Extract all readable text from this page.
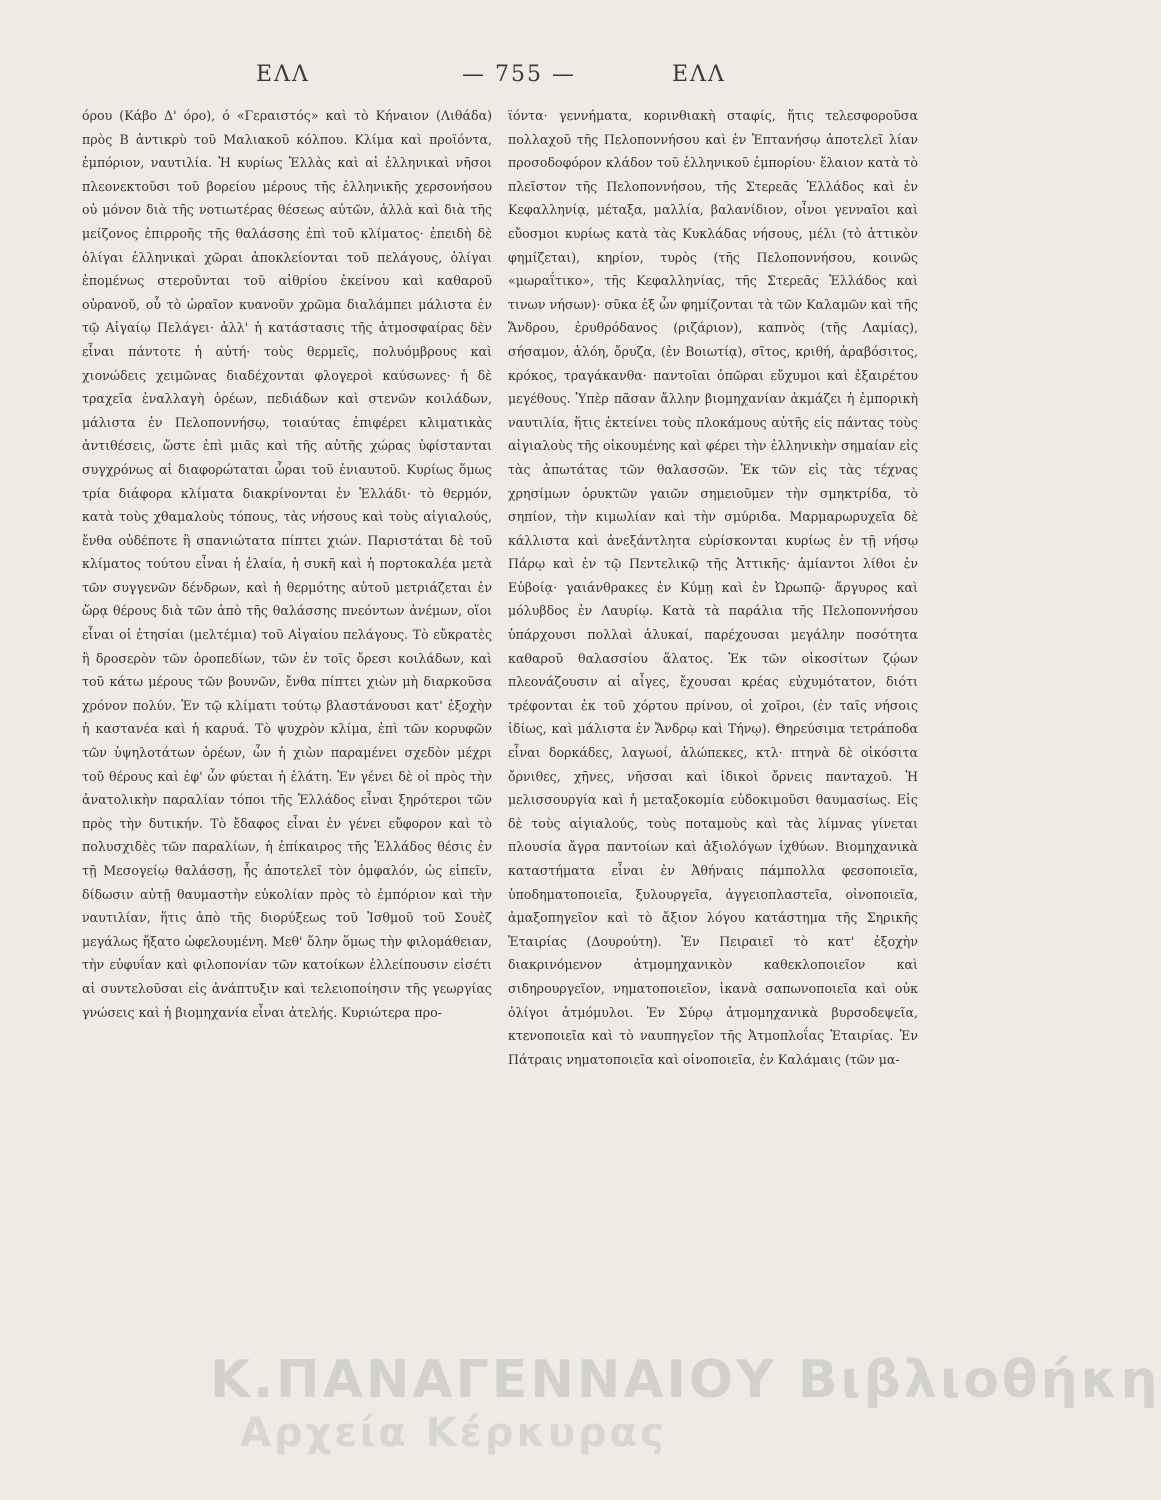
ΕΛΛ	— 755 —	ΕΛΛ

όρου (Κάβο Δ' όρο), ό «Γεραιστός» καὶ τὸ Κήναιον (Λιθάδα) πρὸς Β ἀντικρὺ τοῦ Μαλιακοῦ κόλπου. Κλίμα καὶ προϊόντα, ἐμπόριον, ναυτιλία. Ἡ κυρίως Ἑλλὰς καὶ αἱ ἑλληνικαὶ νῆσοι πλεονεκτοῦσι τοῦ βορείου μέρους τῆς ἑλληνικῆς χερσονήσου οὐ μόνον διὰ τῆς νοτιωτέρας θέσεως αὐτῶν, ἀλλὰ καὶ διὰ τῆς μείζονος ἐπιρροῆς τῆς θαλάσσης ἐπὶ τοῦ κλίματος· ἐπειδὴ δὲ ὀλίγαι ἑλληνικαὶ χῶραι ἀποκλείονται τοῦ πελάγους, ὀλίγαι ἐπομένως στεροῦνται τοῦ αἰθρίου ἐκείνου καὶ καθαροῦ οὐρανοῦ, οὗ τὸ ὡραῖον κυανοῦν χρῶμα διαλάμπει μάλιστα ἐν τῷ Αἰγαίῳ Πελάγει· ἀλλ' ἡ κατάστασις τῆς ἀτμοσφαίρας δὲν εἶναι πάντοτε ἡ αὐτή· τοὺς θερμεῖς, πολυόμβρους καὶ χιονώδεις χειμῶνας διαδέχονται φλογεροὶ καύσωνες· ἡ δὲ τραχεῖα ἐναλλαγὴ ὀρέων, πεδιάδων καὶ στενῶν κοιλάδων, μάλιστα ἐν Πελοποννήσῳ, τοιαύτας ἐπιφέρει κλιματικὰς ἀντιθέσεις, ὥστε ἐπὶ μιᾶς καὶ τῆς αὐτῆς χώρας ὑφίστανται συγχρόνως αἱ διαφορώταται ὧραι τοῦ ἐνιαυτοῦ. Κυρίως ὅμως τρία διάφορα κλίματα διακρίνονται ἐν Ἑλλάδι· τὸ θερμόν, κατὰ τοὺς χθαμαλοὺς τόπους, τὰς νήσους καὶ τοὺς αἰγιαλούς, ἔνθα οὐδέποτε ἢ σπανιώτατα πίπτει χιών. Παριστάται δὲ τοῦ κλίματος τούτου εἶναι ἡ ἐλαία, ἡ συκῆ καὶ ἡ πορτοκαλέα μετὰ τῶν συγγενῶν δένδρων, καὶ ἡ θερμότης αὐτοῦ μετριάζεται ἐν ὥρᾳ θέρους διὰ τῶν ἀπὸ τῆς θαλάσσης πνεόντων ἀνέμων, οἵοι εἶναι οἱ ἐτησίαι (μελτέμια) τοῦ Αἰγαίου πελάγους. Τὸ εὔκρατὲς ἢ δροσερὸν τῶν ὀροπεδίων, τῶν ἐν τοῖς ὄρεσι κοιλάδων, καὶ τοῦ κάτω μέρους τῶν βουνῶν, ἔνθα πίπτει χιὼν μὴ διαρκοῦσα χρόνον πολύν. Ἐν τῷ κλίματι τούτῳ βλαστάνουσι κατ' ἐξοχὴν ἡ καστανέα καὶ ἡ καρυά. Τὸ ψυχρὸν κλίμα, ἐπὶ τῶν κορυφῶν τῶν ὑψηλοτάτων ὀρέων, ὧν ἡ χιὼν παραμένει σχεδὸν μέχρι τοῦ θέρους καὶ ἐφ' ὧν φύεται ἡ ἐλάτη. Ἐν γένει δὲ οἱ πρὸς τὴν ἀνατολικὴν παραλίαν τόποι τῆς Ἑλλάδος εἶναι ξηρότεροι τῶν πρὸς τὴν δυτικήν. Τὸ ἔδαφος εἶναι ἐν γένει εὔφορον καὶ τὸ πολυσχιδὲς τῶν παραλίων, ἡ ἐπίκαιρος τῆς Ἑλλάδος θέσις ἐν τῇ Μεσογείῳ θαλάσσῃ, ἧς ἀποτελεῖ τὸν ὀμφαλόν, ὡς εἰπεῖν, δίδωσιν αὐτῇ θαυμαστὴν εὐκολίαν πρὸς τὸ ἐμπόριον καὶ τὴν ναυτιλίαν, ἥτις ἀπὸ τῆς διορύξεως τοῦ Ἰσθμοῦ τοῦ Σουὲζ μεγάλως ἤξατο ὠφελουμένη. Μεθ' ὅλην ὅμως τὴν φιλομάθειαν, τὴν εὐφυΐαν καὶ φιλοπονίαν τῶν κατοίκων ἐλλείπουσιν εἰσέτι αἱ συντελοῦσαι εἰς ἀνάπτυξιν καὶ τελειοποίησιν τῆς γεωργίας γνώσεις καὶ ἡ βιομηχανία εἶναι ἀτελής. Κυριώτερα προ-

ϊόντα· γεννήματα, κορινθιακὴ σταφίς, ἥτις τελεσφοροῦσα πολλαχοῦ τῆς Πελοποννήσου καὶ ἐν Ἑπτανήσῳ ἀποτελεῖ λίαν προσοδοφόρον κλάδον τοῦ ἑλληνικοῦ ἐμπορίου· ἔλαιον κατὰ τὸ πλεῖστον τῆς Πελοποννήσου, τῆς Στερεᾶς Ἑλλάδος καὶ ἐν Κεφαλληνίᾳ, μέταξα, μαλλία, βαλανίδιον, οἶνοι γενναῖοι καὶ εὔοσμοι κυρίως κατὰ τὰς Κυκλάδας νήσους, μέλι (τὸ ἀττικὸν φημίζεται), κηρίον, τυρὸς (τῆς Πελοποννήσου, κοινῶς «μωραΐτικο», τῆς Κεφαλληνίας, τῆς Στερεᾶς Ἑλλάδος καὶ τινων νήσων)· σῦκα ἐξ ὧν φημίζονται τὰ τῶν Καλαμῶν καὶ τῆς Ἄνδρου, ἐρυθρόδανος (ριζάριον), καπνὸς (τῆς Λαμίας), σήσαμον, ἀλόη, ὄρυζα, (ἐν Βοιωτίᾳ), σῖτος, κριθή, ἀραβόσιτος, κρόκος, τραγάκανθα· παντοῖαι ὀπῶραι εὔχυμοι καὶ ἐξαιρέτου μεγέθους. Ὑπὲρ πᾶσαν ἄλλην βιομηχανίαν ἀκμάζει ἡ ἐμπορικὴ ναυτιλία, ἥτις ἐκτείνει τοὺς πλοκάμους αὐτῆς εἰς πάντας τοὺς αἰγιαλοὺς τῆς οἰκουμένης καὶ φέρει τὴν ἑλληνικὴν σημαίαν εἰς τὰς ἀπωτάτας τῶν θαλασσῶν. Ἐκ τῶν εἰς τὰς τέχνας χρησίμων ὀρυκτῶν γαιῶν σημειοῦμεν τὴν σμηκτρίδα, τὸ σηπίον, τὴν κιμωλίαν καὶ τὴν σμύριδα. Μαρμαρωρυχεῖα δὲ κάλλιστα καὶ ἀνεξάντλητα εὑρίσκονται κυρίως ἐν τῇ νήσῳ Πάρῳ καὶ ἐν τῷ Πεντελικῷ τῆς Ἀττικῆς· ἀμίαντοι λίθοι ἐν Εὐβοίᾳ· γαιάνθρακες ἐν Κύμῃ καὶ ἐν Ὠρωπῷ· ἄργυρος καὶ μόλυβδος ἐν Λαυρίῳ. Κατὰ τὰ παράλια τῆς Πελοποννήσου ὑπάρχουσι πολλαὶ ἁλυκαί, παρέχουσαι μεγάλην ποσότητα καθαροῦ θαλασσίου ἅλατος. Ἐκ τῶν οἰκοσίτων ζῴων πλεονάζουσιν αἱ αἶγες, ἔχουσαι κρέας εὐχυμότατον, διότι τρέφονται ἐκ τοῦ χόρτου πρίνου, οἱ χοῖροι, (ἐν ταῖς νήσοις ἰδίως, καὶ μάλιστα ἐν Ἄνδρῳ καὶ Τήνῳ). Θηρεύσιμα τετράποδα εἶναι δορκάδες, λαγωοί, ἀλώπεκες, κτλ· πτηνὰ δὲ οἰκόσιτα ὄρνιθες, χῆνες, νῆσσαι καὶ ἰδικοὶ ὄρνεις πανταχοῦ. Ἡ μελισσουργία καὶ ἡ μεταξοκομία εὐδοκιμοῦσι θαυμασίως. Εἰς δὲ τοὺς αἰγιαλούς, τοὺς ποταμοὺς καὶ τὰς λίμνας γίνεται πλουσία ἄγρα παντοίων καὶ ἀξιολόγων ἰχθύων. Βιομηχανικὰ καταστήματα εἶναι ἐν Ἀθήναις πάμπολλα φεσοποιεῖα, ὑποδηματοποιεῖα, ξυλουργεῖα, ἀγγειοπλαστεῖα, οἰνοποιεῖα, ἀμαξοπηγεῖον καὶ τὸ ἄξιον λόγου κατάστημα τῆς Σηρικῆς Ἑταιρίας (Δουρούτη). Ἐν Πειραιεῖ τὸ κατ' ἐξοχὴν διακρινόμενον ἀτμομηχανικὸν καθεκλοποιεῖον καὶ σιδηρουργεῖον, νηματοποιεῖον, ἱκανὰ σαπωνοποιεῖα καὶ οὐκ ὀλίγοι ἀτμόμυλοι. Ἐν Σύρῳ ἀτμομηχανικὰ βυρσοδεψεῖα, κτενοποιεῖα καὶ τὸ ναυπηγεῖον τῆς Ἀτμοπλοΐας Ἑταιρίας. Ἐν Πάτραις νηματοποιεῖα καὶ οἰνοποιεῖα, ἐν Καλάμαις (τῶν μα-

Κ.ΠΑΝΑΓΕΝΝΑΙΟΥ Βιβλιοθήκη
Αρχεία Κέρκυρας
